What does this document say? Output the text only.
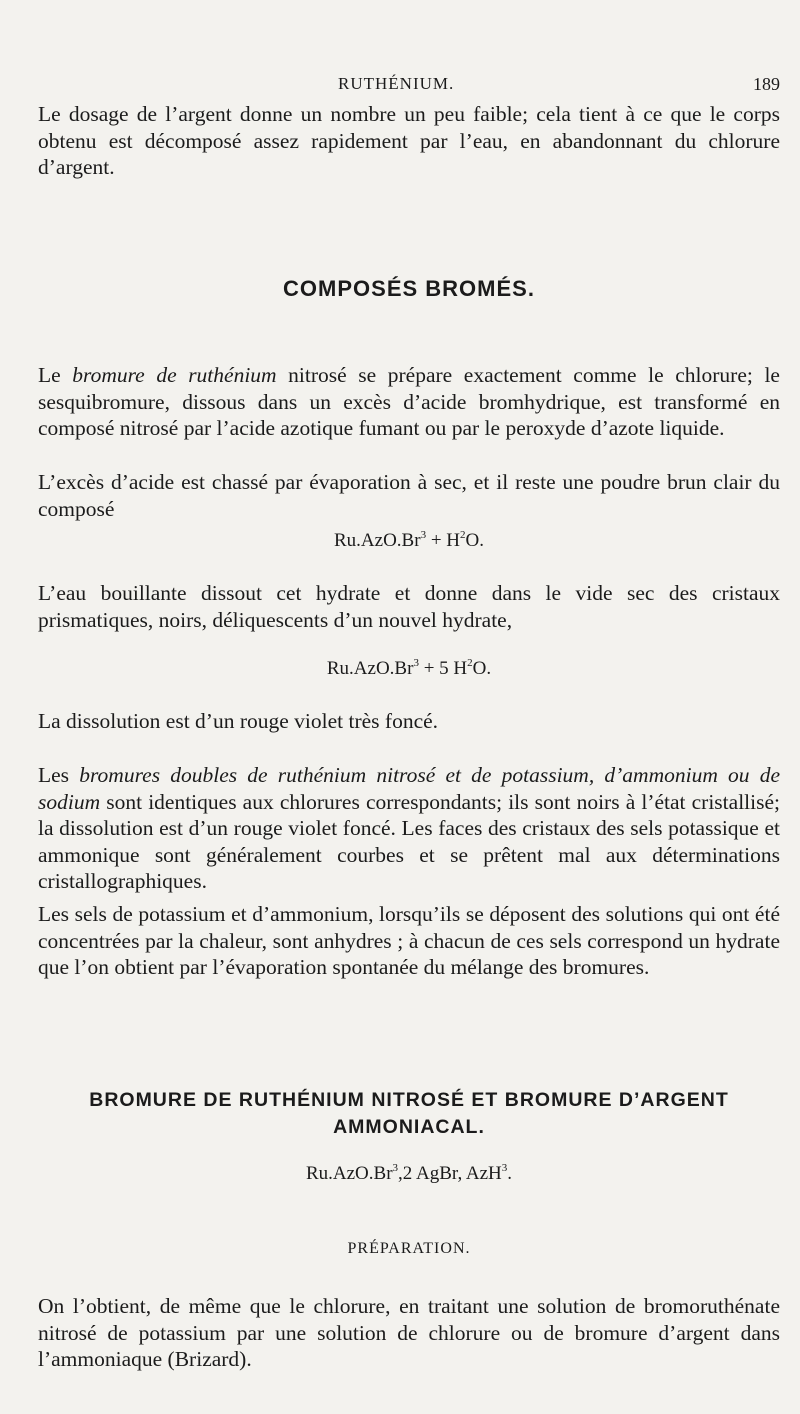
RUTHÉNIUM.	189

Le dosage de l’argent donne un nombre un peu faible; cela tient à ce que le corps obtenu est décomposé assez rapidement par l’eau, en abandonnant du chlorure d’argent.

COMPOSÉS BROMÉS.

Le bromure de ruthénium nitrosé se prépare exactement comme le chlorure; le sesquibromure, dissous dans un excès d’acide bromhydrique, est transformé en composé nitrosé par l’acide azotique fumant ou par le peroxyde d’azote liquide.

L’excès d’acide est chassé par évaporation à sec, et il reste une poudre brun clair du composé

$Ru.AzO.Br^3 + H^2O$.

L’eau bouillante dissout cet hydrate et donne dans le vide sec des cristaux prismatiques, noirs, déliquescents d’un nouvel hydrate,

$Ru.AzO.Br^3 + 5$ $H^2O$.

La dissolution est d’un rouge violet très foncé.

Les bromures doubles de ruthénium nitrosé et de potassium, d’ammonium ou de sodium sont identiques aux chlorures correspondants; ils sont noirs à l’état cristallisé; la dissolution est d’un rouge violet foncé. Les faces des cristaux des sels potassique et ammonique sont généralement courbes et se prêtent mal aux déterminations cristallographiques.

Les sels de potassium et d’ammonium, lorsqu’ils se déposent des solutions qui ont été concentrées par la chaleur, sont anhydres ; à chacun de ces sels correspond un hydrate que l’on obtient par l’évaporation spontanée du mélange des bromures.

BROMURE DE RUTHÉNIUM NITROSÉ ET BROMURE D’ARGENT
AMMONIACAL.
Ru.AzO.Br$^3$,2 AgBr, AzH$^3$.
PRÉPARATION.

On l’obtient, de même que le chlorure, en traitant une solution de bromoruthénate nitrosé de potassium par une solution de chlorure ou de bromure d’argent dans l’ammoniaque (Brizard).
